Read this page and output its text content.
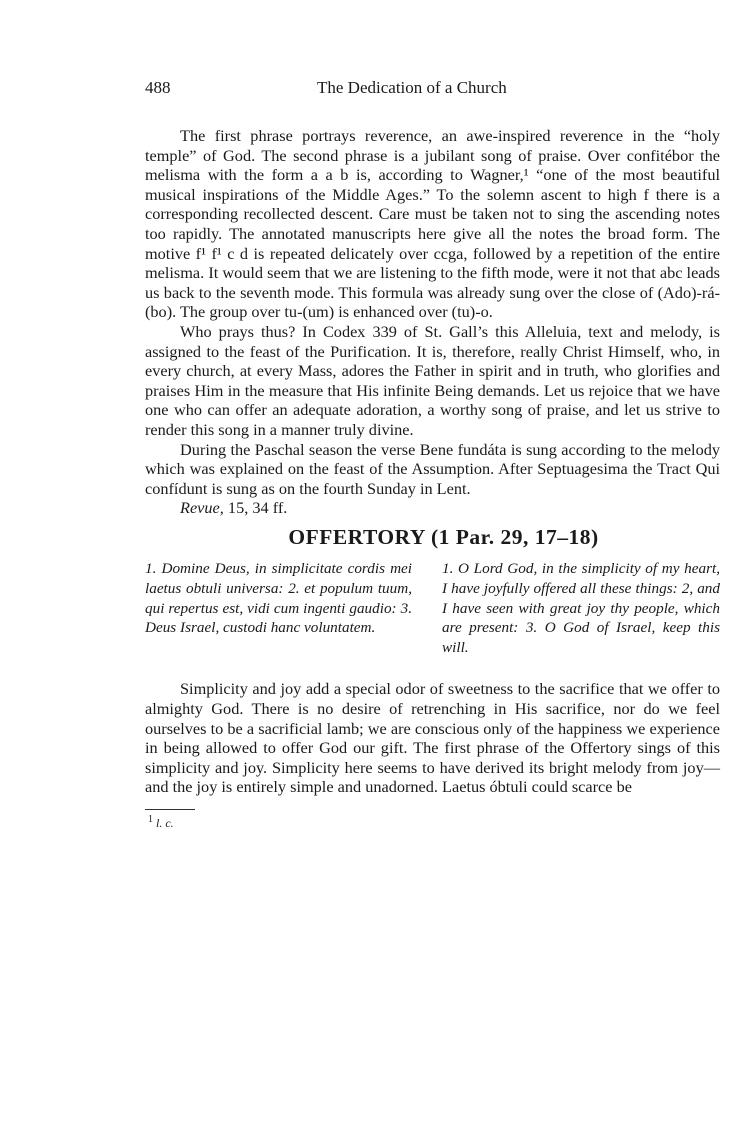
488	The Dedication of a Church

The first phrase portrays reverence, an awe-inspired reverence in the “holy temple” of God. The second phrase is a jubilant song of praise. Over confitébor the melisma with the form a a b is, according to Wagner,¹ “one of the most beautiful musical inspirations of the Middle Ages.” To the solemn ascent to high f there is a corresponding recollected descent. Care must be taken not to sing the ascending notes too rapidly. The annotated manuscripts here give all the notes the broad form. The motive f¹ f¹ c d is repeated delicately over ccga, followed by a repetition of the entire melisma. It would seem that we are listening to the fifth mode, were it not that abc leads us back to the seventh mode. This formula was already sung over the close of (Ado)-rá-(bo). The group over tu-(um) is enhanced over (tu)-o.

Who prays thus? In Codex 339 of St. Gall’s this Alleluia, text and melody, is assigned to the feast of the Purification. It is, therefore, really Christ Himself, who, in every church, at every Mass, adores the Father in spirit and in truth, who glorifies and praises Him in the measure that His infinite Being demands. Let us rejoice that we have one who can offer an adequate adoration, a worthy song of praise, and let us strive to render this song in a manner truly divine.

During the Paschal season the verse Bene fundáta is sung according to the melody which was explained on the feast of the Assumption. After Septuagesima the Tract Qui confídunt is sung as on the fourth Sunday in Lent.

Revue, 15, 34 ff.
OFFERTORY (1 Par. 29, 17–18)
1. Domine Deus, in simplicitate cordis mei laetus obtuli universa: 2. et populum tuum, qui repertus est, vidi cum ingenti gaudio: 3. Deus Israel, custodi hanc voluntatem.
1. O Lord God, in the simplicity of my heart, I have joyfully offered all these things: 2, and I have seen with great joy thy people, which are present: 3. O God of Israel, keep this will.

Simplicity and joy add a special odor of sweetness to the sacrifice that we offer to almighty God. There is no desire of retrenching in His sacrifice, nor do we feel ourselves to be a sacrificial lamb; we are conscious only of the happiness we experience in being allowed to offer God our gift. The first phrase of the Offertory sings of this simplicity and joy. Simplicity here seems to have derived its bright melody from joy—and the joy is entirely simple and unadorned. Laetus óbtuli could scarce be

$^1$ l. c.
